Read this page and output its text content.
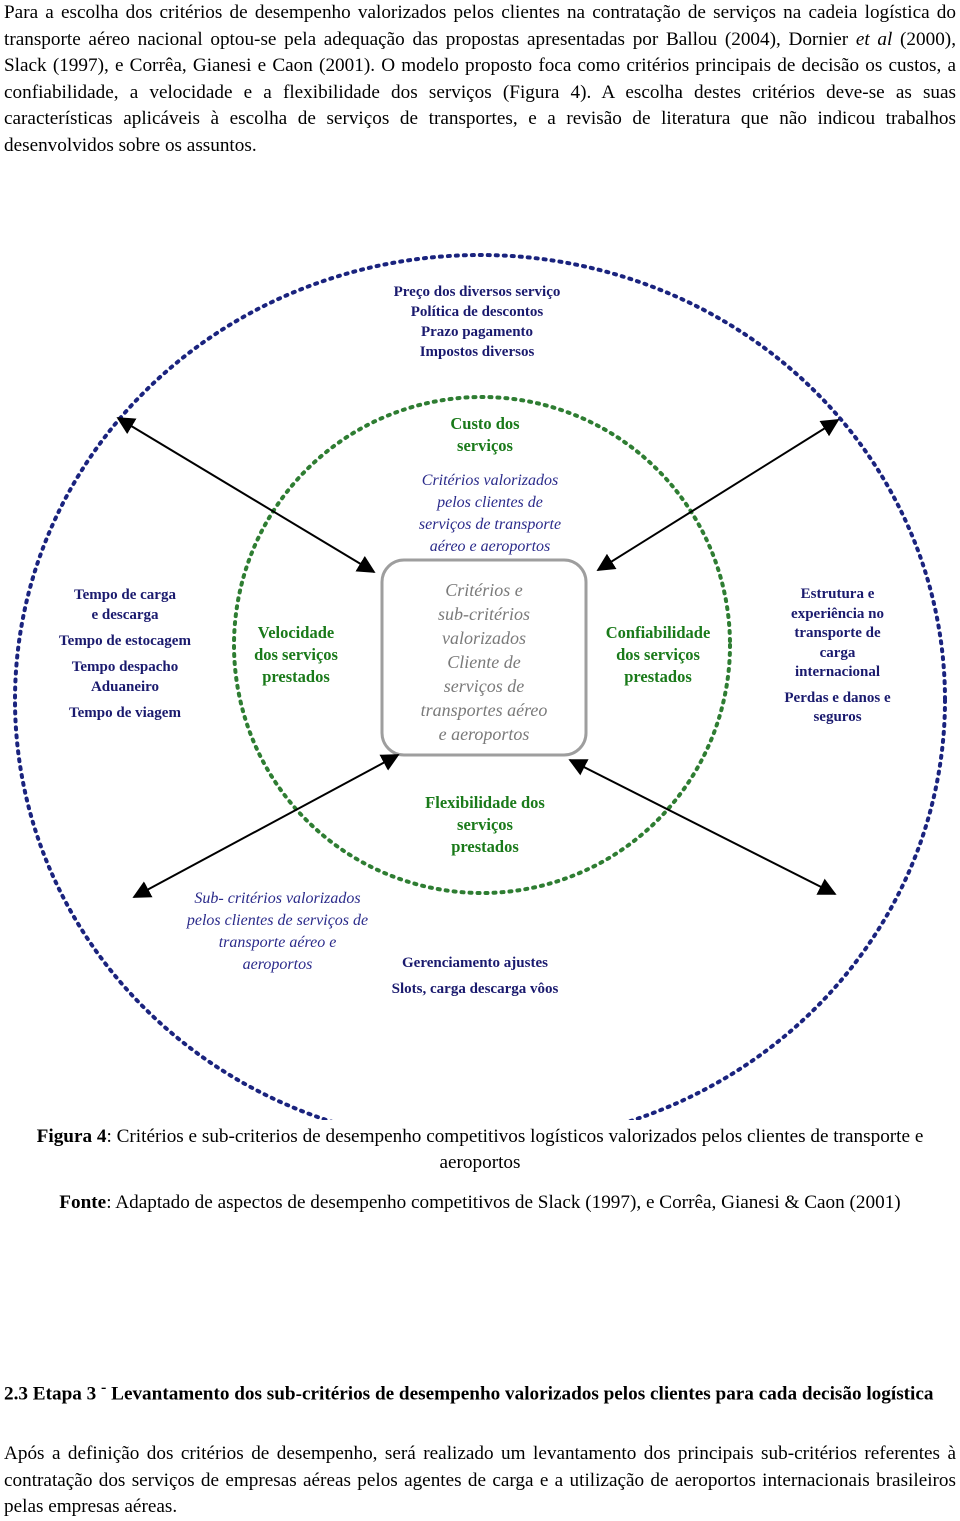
Para a escolha dos critérios de desempenho valorizados pelos clientes na contratação de serviços na cadeia logística do transporte aéreo nacional optou-se pela adequação das propostas apresentadas por Ballou (2004), Dornier et al (2000), Slack (1997), e Corrêa, Gianesi e Caon (2001). O modelo proposto foca como critérios principais de decisão os custos, a confiabilidade, a velocidade e a flexibilidade dos serviços (Figura 4). A escolha destes critérios deve-se as suas características aplicáveis à escolha de serviços de transportes, e a revisão de literatura que não indicou trabalhos desenvolvidos sobre os assuntos.

Preço dos diversos serviço

Política de descontos

Prazo pagamento

Impostos diversos

Custo dos

serviços

Critérios valorizados

pelos clientes de

serviços de transporte

aéreo e aeroportos

Critérios e

sub-critérios

valorizados

Cliente de

serviços de

transportes aéreo

e aeroportos

Tempo de carga

e descarga

Tempo de estocagem

Tempo despacho

Aduaneiro

Tempo de viagem

Velocidade

dos serviços

prestados

Confiabilidade

dos serviços

prestados

Estrutura e

experiência no

transporte de

carga

internacional

Perdas e danos e

seguros

Flexibilidade dos

serviços

prestados

Sub- critérios valorizados

pelos clientes de serviços de

transporte aéreo e

aeroportos	Gerenciamento ajustes

Slots, carga descarga vôos

Figura 4: Critérios e sub-criterios de desempenho competitivos logísticos valorizados pelos clientes de transporte e aeroportos

Fonte: Adaptado de aspectos de desempenho competitivos de Slack (1997), e Corrêa, Gianesi & Caon (2001)

2.3 Etapa 3 - Levantamento dos sub-critérios de desempenho valorizados pelos clientes para cada decisão logística

Após a definição dos critérios de desempenho, será realizado um levantamento dos principais sub-critérios referentes à contratação dos serviços de empresas aéreas pelos agentes de carga e a utilização de aeroportos internacionais brasileiros pelas empresas aéreas.
